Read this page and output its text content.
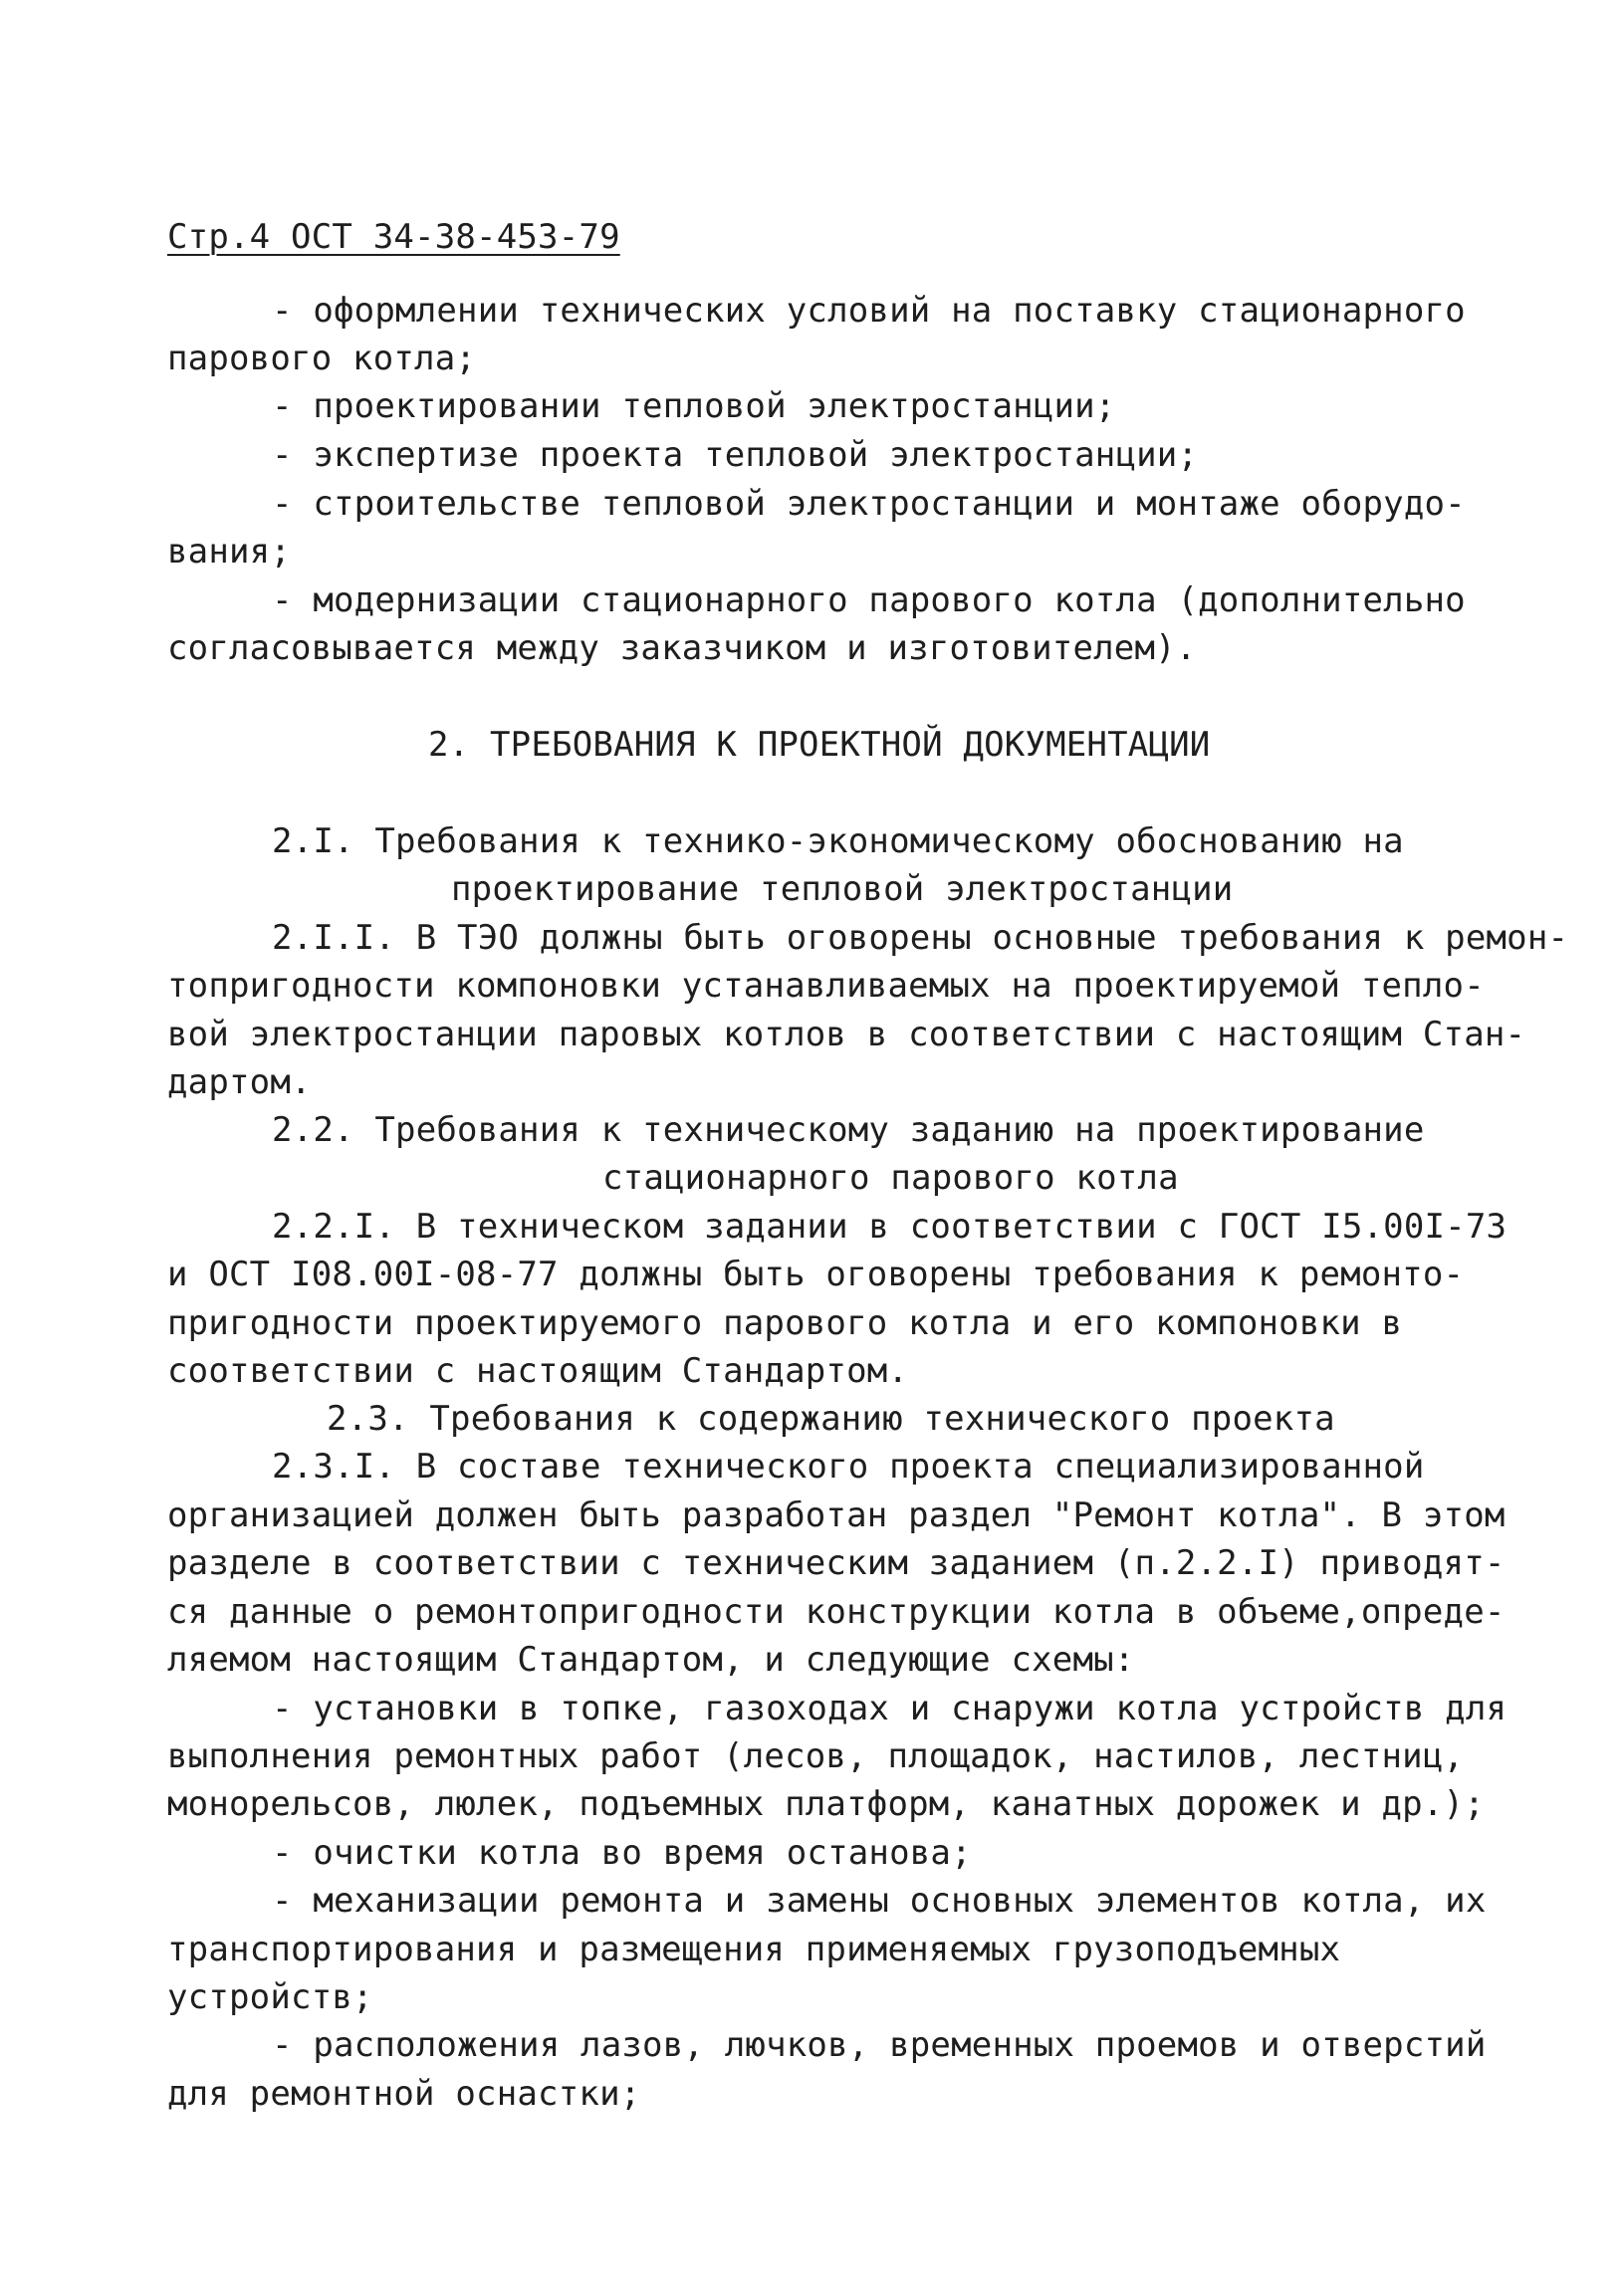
Стр.4 ОСТ 34-38-453-79
- оформлении технических условий на поставку стационарного
парового котла;
- проектировании тепловой электростанции;
- экспертизе проекта тепловой электростанции;
- строительстве тепловой электростанции и монтаже оборудо-
вания;
- модернизации стационарного парового котла (дополнительно
согласовывается между заказчиком и изготовителем).
2. ТРЕБОВАНИЯ К ПРОЕКТНОЙ ДОКУМЕНТАЦИИ
2.I. Требования к технико-экономическому обоснованию на
проектирование тепловой электростанции
2.I.I. В ТЭО должны быть оговорены основные требования к ремон-
топригодности компоновки устанавливаемых на проектируемой тепло-
вой электростанции паровых котлов в соответствии с настоящим Стан-
дартом.
2.2. Требования к техническому заданию на проектирование
стационарного парового котла
2.2.I. В техническом задании в соответствии с ГОСТ I5.00I-73
и ОСТ I08.00I-08-77 должны быть оговорены требования к ремонто-
пригодности проектируемого парового котла и его компоновки в
соответствии с настоящим Стандартом.
2.3. Требования к содержанию технического проекта
2.3.I. В составе технического проекта специализированной
организацией должен быть разработан раздел "Ремонт котла". В этом
разделе в соответствии с техническим заданием (п.2.2.I) приводят-
ся данные о ремонтопригодности конструкции котла в объеме,опреде-
ляемом настоящим Стандартом, и следующие схемы:
- установки в топке, газоходах и снаружи котла устройств для
выполнения ремонтных работ (лесов, площадок, настилов, лестниц,
монорельсов, люлек, подъемных платформ, канатных дорожек и др.);
- очистки котла во время останова;
- механизации ремонта и замены основных элементов котла, их
транспортирования и размещения применяемых грузоподъемных
устройств;
- расположения лазов, лючков, временных проемов и отверстий
для ремонтной оснастки;
